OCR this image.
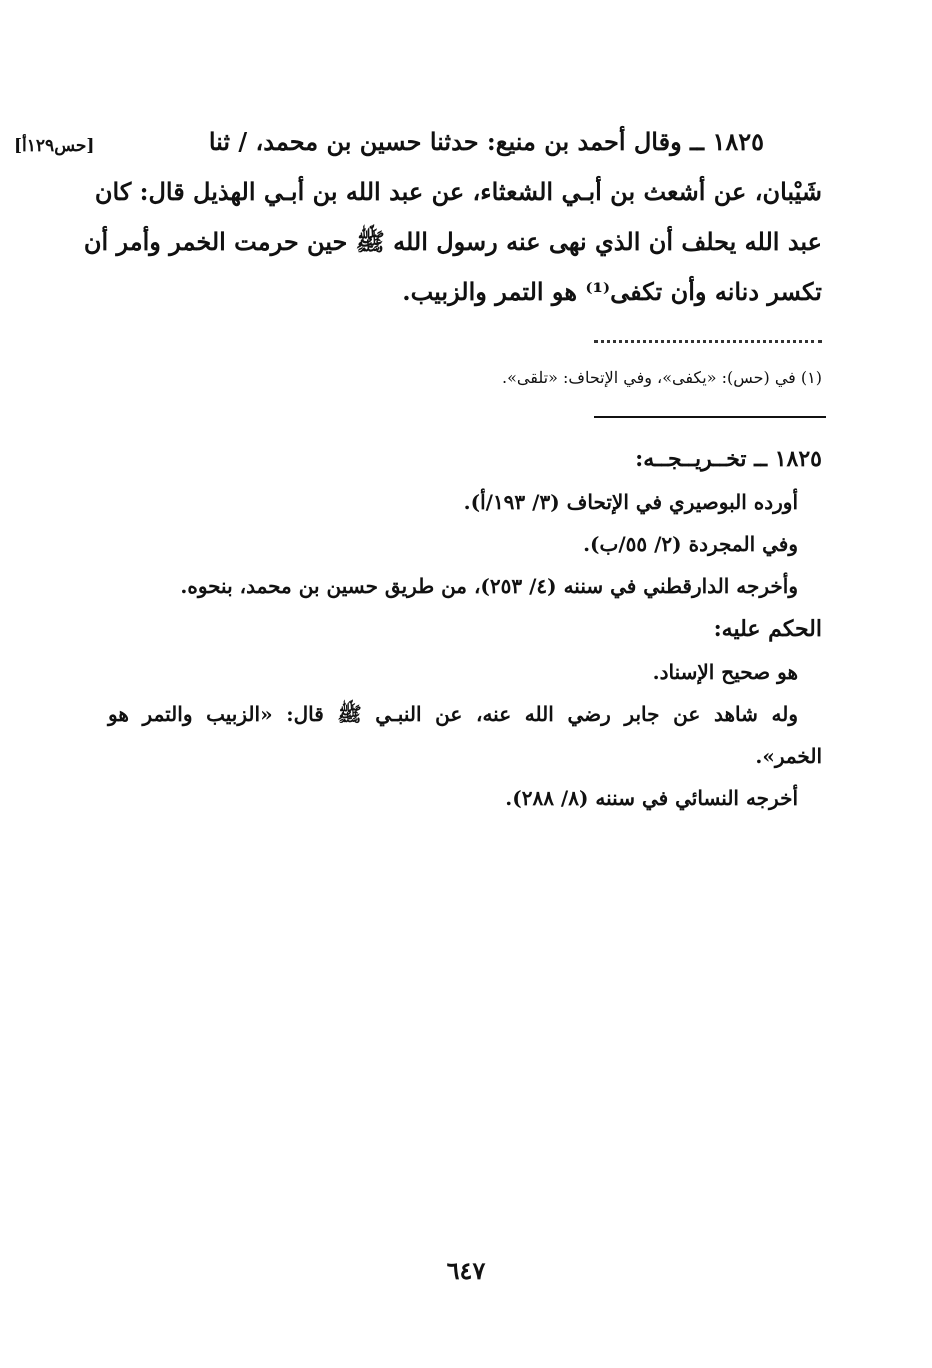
[حس١٢٩أ]	١٨٢٥ ــ وقال أحمد بن منيع: حدثنا حسين بن محمد، / ثنا

شَيْبان، عن أشعث بن أبـي الشعثاء، عن عبد الله بن أبـي الهذيل قال: كان

عبد الله يحلف أن الذي نهى عنه رسول الله ﷺ حين حرمت الخمر وأمر أن

تكسر دنانه وأن تكفى⁽¹⁾ هو التمر والزبيب.

(١) في (حس): «يكفى»، وفي الإتحاف: «تلقى».

١٨٢٥ ــ تخــريــجــه:

أورده البوصيري في الإتحاف (٣/ ١٩٣/أ).

وفي المجردة (٢/ ٥٥/ب).

وأخرجه الدارقطني في سننه (٤/ ٢٥٣)، من طريق حسين بن محمد، بنحوه.

الحكم عليه:

هو صحيح الإسناد.

وله شاهد عن جابر رضي الله عنه، عن النبـي ﷺ قال: «الزبيب والتمر هو

الخمر».

أخرجه النسائي في سننه (٨/ ٢٨٨).

٦٤٧
